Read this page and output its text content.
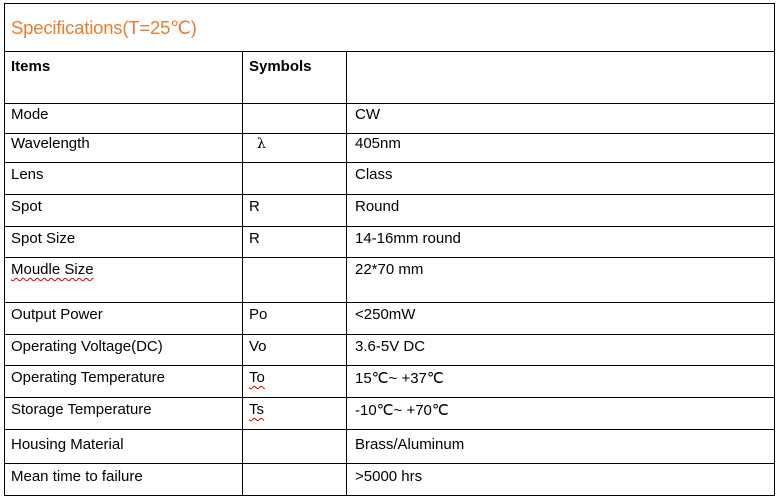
Specifications(T=25℃)		
Items	Symbols	
Mode		CW
Wavelength	λ	405nm
Lens		Class
Spot	R	Round
Spot Size	R	14-16mm round
Moudle Size		22*70 mm
Output Power	Po	<250mW
Operating Voltage(DC)	Vo	3.6-5V DC
Operating Temperature	To	15℃~ +37℃
Storage Temperature	Ts	-10℃~ +70℃
Housing Material		Brass/Aluminum
Mean time to failure		>5000 hrs
